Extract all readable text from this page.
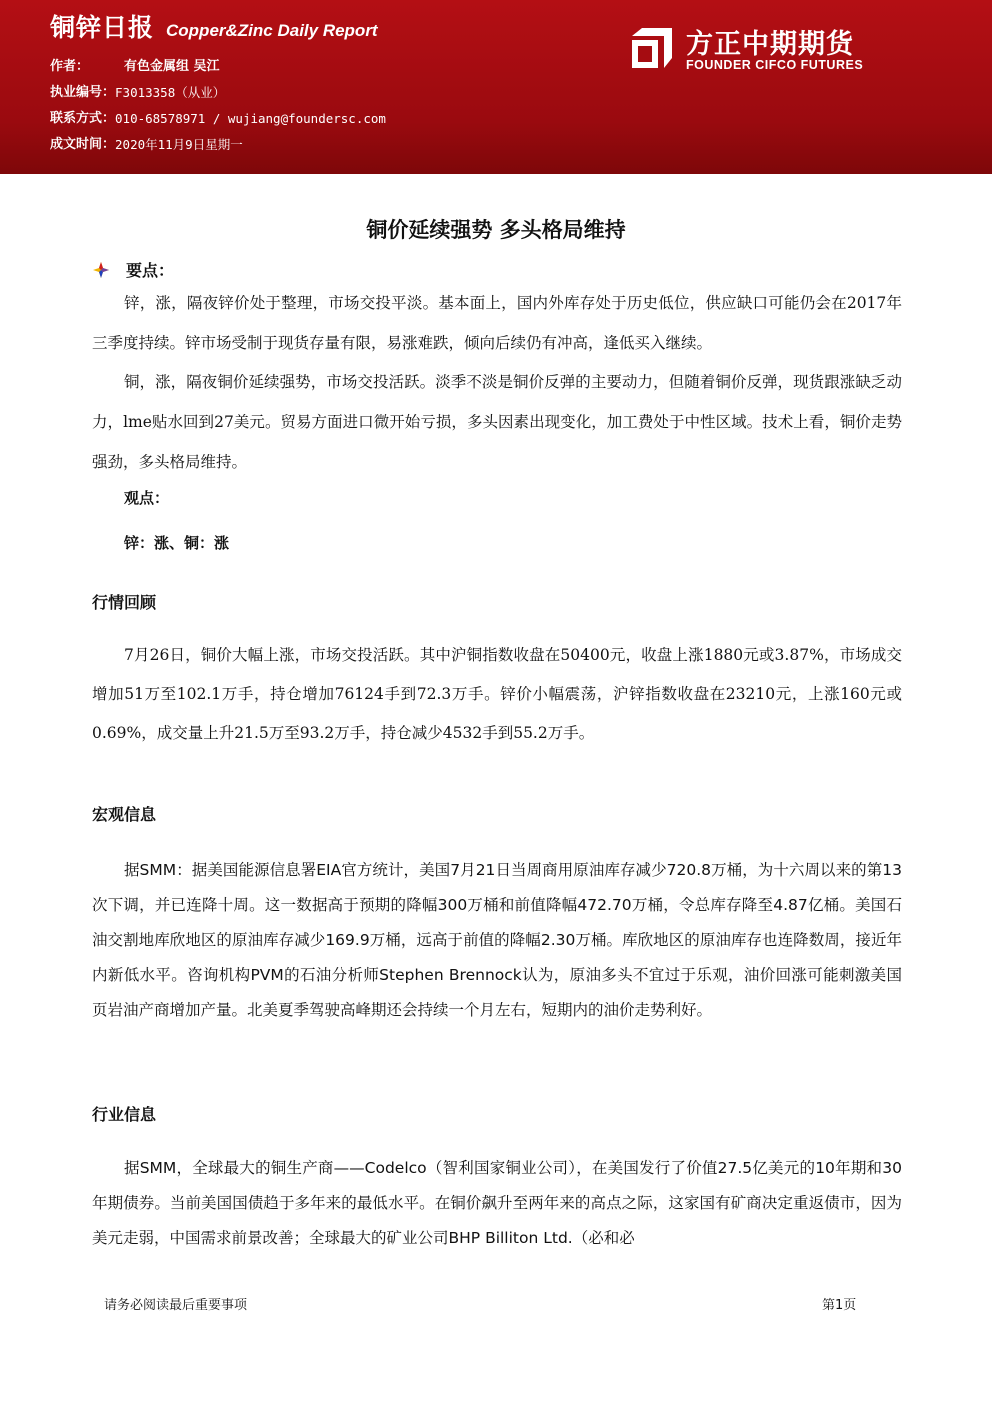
铜锌日报 Copper&Zinc Daily Report
作者：	有色金属组 吴江
执业编号： F3013358（从业）
联系方式： 010-68578971 / wujiang@foundersc.com
成文时间： 2020年11月9日星期一
方正中期期货
FOUNDER CIFCO FUTURES
铜价延续强势 多头格局维持
要点：
锌，涨，隔夜锌价处于整理，市场交投平淡。基本面上，国内外库存处于历史低位，供应缺口可能仍会在2017年三季度持续。锌市场受制于现货存量有限，易涨难跌，倾向后续仍有冲高，逢低买入继续。
铜，涨，隔夜铜价延续强势，市场交投活跃。淡季不淡是铜价反弹的主要动力，但随着铜价反弹，现货跟涨缺乏动力，lme贴水回到27美元。贸易方面进口微开始亏损，多头因素出现变化，加工费处于中性区域。技术上看，铜价走势强劲，多头格局维持。
观点：
锌：涨、铜：涨
行情回顾
7月26日，铜价大幅上涨，市场交投活跃。其中沪铜指数收盘在50400元，收盘上涨1880元或3.87%，市场成交增加51万至102.1万手，持仓增加76124手到72.3万手。锌价小幅震荡，沪锌指数收盘在23210元，上涨160元或0.69%，成交量上升21.5万至93.2万手，持仓减少4532手到55.2万手。
宏观信息
据SMM：据美国能源信息署EIA官方统计，美国7月21日当周商用原油库存减少720.8万桶，为十六周以来的第13次下调，并已连降十周。这一数据高于预期的降幅300万桶和前值降幅472.70万桶，令总库存降至4.87亿桶。美国石油交割地库欣地区的原油库存减少169.9万桶，远高于前值的降幅2.30万桶。库欣地区的原油库存也连降数周，接近年内新低水平。咨询机构PVM的石油分析师Stephen Brennock认为，原油多头不宜过于乐观，油价回涨可能刺激美国页岩油产商增加产量。北美夏季驾驶高峰期还会持续一个月左右，短期内的油价走势利好。
行业信息
据SMM，全球最大的铜生产商——Codelco（智利国家铜业公司），在美国发行了价值27.5亿美元的10年期和30年期债券。当前美国国债趋于多年来的最低水平。在铜价飙升至两年来的高点之际，这家国有矿商决定重返债市，因为美元走弱，中国需求前景改善；全球最大的矿业公司BHP Billiton Ltd.（必和必
请务必阅读最后重要事项	第1页
